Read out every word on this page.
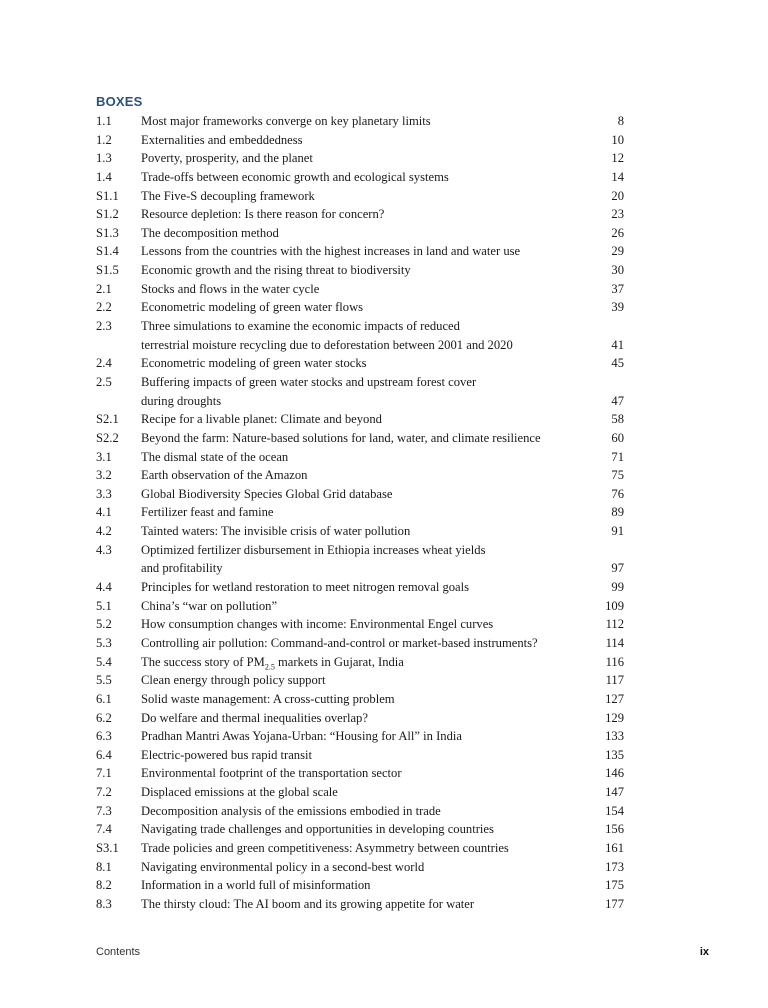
BOXES
1.1	Most major frameworks converge on key planetary limits	8
1.2	Externalities and embeddedness	10
1.3	Poverty, prosperity, and the planet	12
1.4	Trade-offs between economic growth and ecological systems	14
S1.1	The Five-S decoupling framework	20
S1.2	Resource depletion: Is there reason for concern?	23
S1.3	The decomposition method	26
S1.4	Lessons from the countries with the highest increases in land and water use	29
S1.5	Economic growth and the rising threat to biodiversity	30
2.1	Stocks and flows in the water cycle	37
2.2	Econometric modeling of green water flows	39
2.3	Three simulations to examine the economic impacts of reduced
terrestrial moisture recycling due to deforestation between 2001 and 2020	41
2.4	Econometric modeling of green water stocks	45
2.5	Buffering impacts of green water stocks and upstream forest cover
during droughts	47
S2.1	Recipe for a livable planet: Climate and beyond	58
S2.2	Beyond the farm: Nature-based solutions for land, water, and climate resilience	60
3.1	The dismal state of the ocean	71
3.2	Earth observation of the Amazon	75
3.3	Global Biodiversity Species Global Grid database	76
4.1	Fertilizer feast and famine	89
4.2	Tainted waters: The invisible crisis of water pollution	91
4.3	Optimized fertilizer disbursement in Ethiopia increases wheat yields
and profitability	97
4.4	Principles for wetland restoration to meet nitrogen removal goals	99
5.1	China’s “war on pollution”	109
5.2	How consumption changes with income: Environmental Engel curves	112
5.3	Controlling air pollution: Command-and-control or market-based instruments?	114
5.4	The success story of $PM_{2.5}$ markets in Gujarat, India	116
5.5	Clean energy through policy support	117
6.1	Solid waste management: A cross-cutting problem	127
6.2	Do welfare and thermal inequalities overlap?	129
6.3	Pradhan Mantri Awas Yojana-Urban: “Housing for All” in India	133
6.4	Electric-powered bus rapid transit	135
7.1	Environmental footprint of the transportation sector	146
7.2	Displaced emissions at the global scale	147
7.3	Decomposition analysis of the emissions embodied in trade	154
7.4	Navigating trade challenges and opportunities in developing countries	156
S3.1	Trade policies and green competitiveness: Asymmetry between countries	161
8.1	Navigating environmental policy in a second-best world	173
8.2	Information in a world full of misinformation	175
8.3	The thirsty cloud: The AI boom and its growing appetite for water	177
Contents	ix
